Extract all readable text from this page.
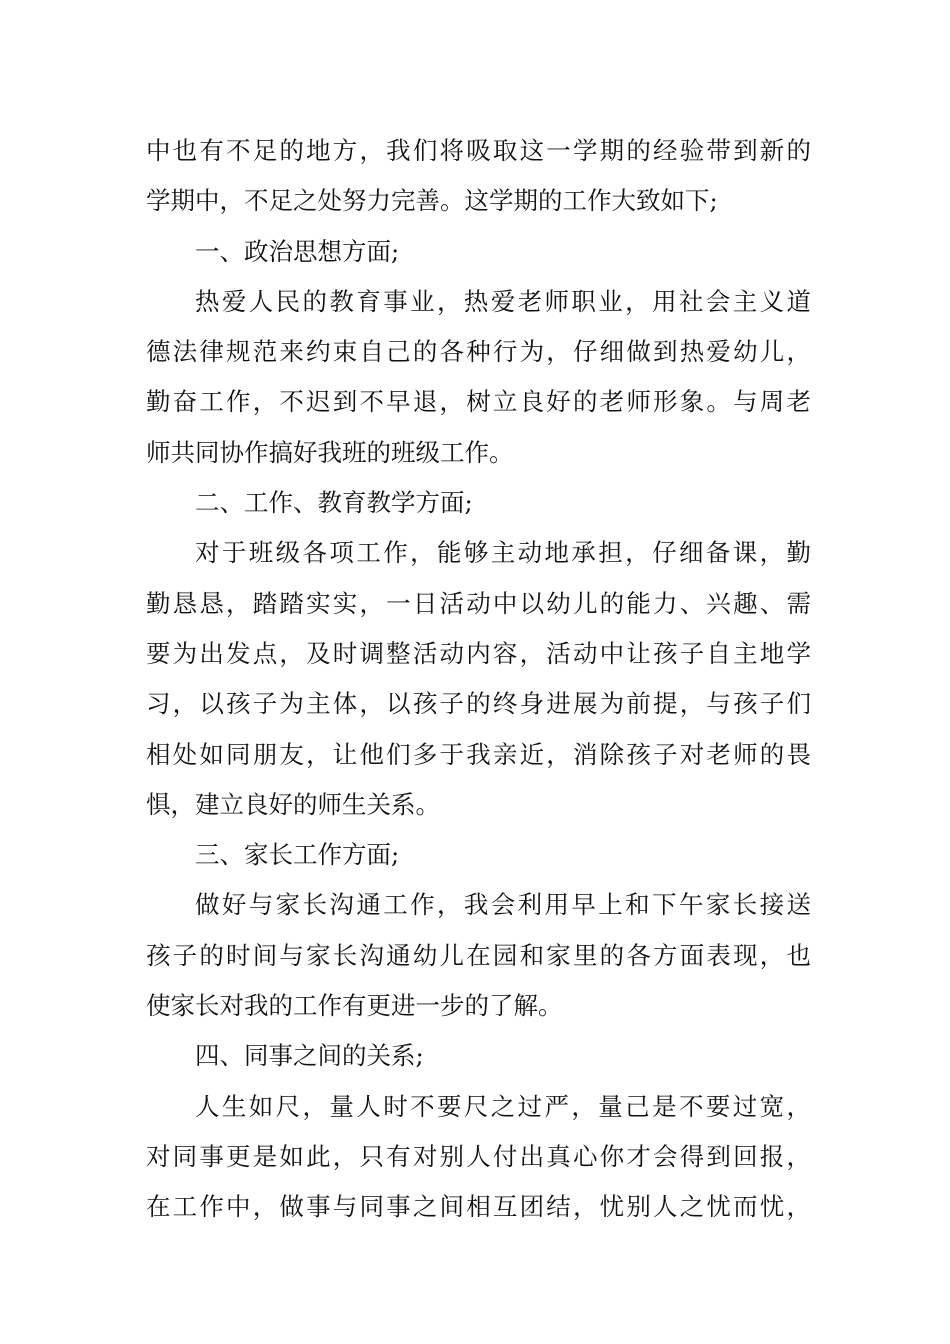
中也有不足的地方，我们将吸取这一学期的经验带到新的
学期中，不足之处努力完善。这学期的工作大致如下;
一、政治思想方面;
热爱人民的教育事业，热爱老师职业，用社会主义道
德法律规范来约束自己的各种行为，仔细做到热爱幼儿，
勤奋工作，不迟到不早退，树立良好的老师形象。与周老
师共同协作搞好我班的班级工作。
二、工作、教育教学方面;
对于班级各项工作，能够主动地承担，仔细备课，勤
勤恳恳，踏踏实实，一日活动中以幼儿的能力、兴趣、需
要为出发点，及时调整活动内容，活动中让孩子自主地学
习，以孩子为主体，以孩子的终身进展为前提，与孩子们
相处如同朋友，让他们多于我亲近，消除孩子对老师的畏
惧，建立良好的师生关系。
三、家长工作方面;
做好与家长沟通工作，我会利用早上和下午家长接送
孩子的时间与家长沟通幼儿在园和家里的各方面表现，也
使家长对我的工作有更进一步的了解。
四、同事之间的关系;
人生如尺，量人时不要尺之过严，量己是不要过宽，
对同事更是如此，只有对别人付出真心你才会得到回报，
在工作中，做事与同事之间相互团结，忧别人之忧而忧，
